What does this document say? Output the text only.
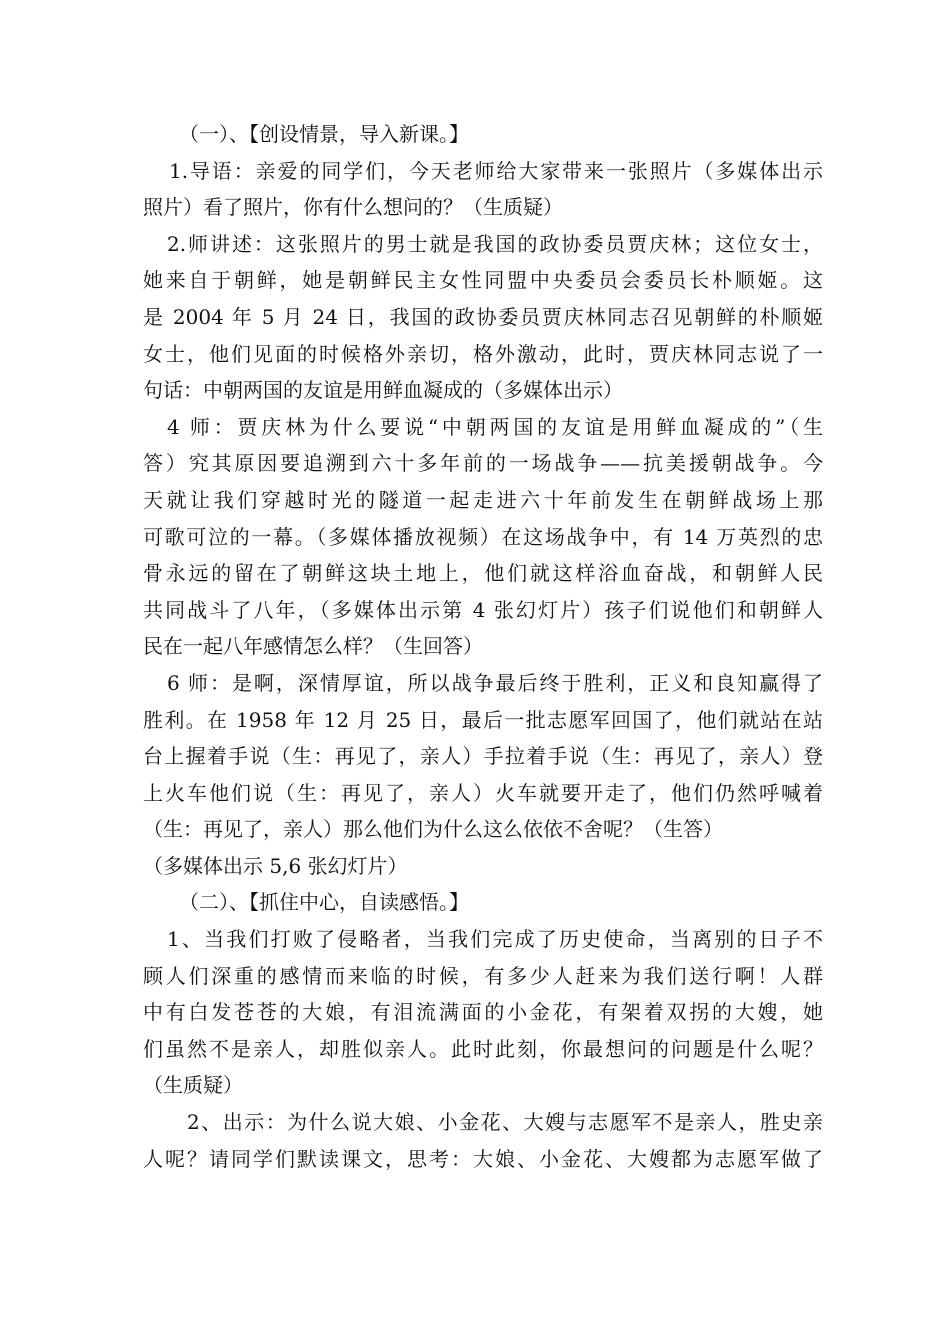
（一）、【创设情景，导入新课。】
1.导语：亲爱的同学们，今天老师给大家带来一张照片（多媒体出示
照片）看了照片，你有什么想问的？（生质疑）
2.师讲述：这张照片的男士就是我国的政协委员贾庆林；这位女士，
她来自于朝鲜，她是朝鲜民主女性同盟中央委员会委员长朴顺姬。这
是 2004 年 5 月 24 日，我国的政协委员贾庆林同志召见朝鲜的朴顺姬
女士，他们见面的时候格外亲切，格外激动，此时，贾庆林同志说了一
句话：中朝两国的友谊是用鲜血凝成的（多媒体出示）
4 师：贾庆林为什么要说“中朝两国的友谊是用鲜血凝成的”（生
答）究其原因要追溯到六十多年前的一场战争——抗美援朝战争。今
天就让我们穿越时光的隧道一起走进六十年前发生在朝鲜战场上那
可歌可泣的一幕。（多媒体播放视频）在这场战争中，有 14 万英烈的忠
骨永远的留在了朝鲜这块土地上，他们就这样浴血奋战，和朝鲜人民
共同战斗了八年，（多媒体出示第 4 张幻灯片）孩子们说他们和朝鲜人
民在一起八年感情怎么样？（生回答）
6 师：是啊，深情厚谊，所以战争最后终于胜利，正义和良知赢得了
胜利。在 1958 年 12 月 25 日，最后一批志愿军回国了，他们就站在站
台上握着手说（生：再见了，亲人）手拉着手说（生：再见了，亲人）登
上火车他们说（生：再见了，亲人）火车就要开走了，他们仍然呼喊着
（生：再见了，亲人）那么他们为什么这么依依不舍呢？（生答）
（多媒体出示 5,6 张幻灯片）
（二）、【抓住中心，自读感悟。】
1、当我们打败了侵略者，当我们完成了历史使命，当离别的日子不
顾人们深重的感情而来临的时候，有多少人赶来为我们送行啊！人群
中有白发苍苍的大娘，有泪流满面的小金花，有架着双拐的大嫂，她
们虽然不是亲人，却胜似亲人。此时此刻，你最想问的问题是什么呢？
（生质疑）
2、出示：为什么说大娘、小金花、大嫂与志愿军不是亲人，胜史亲
人呢？请同学们默读课文，思考：大娘、小金花、大嫂都为志愿军做了
